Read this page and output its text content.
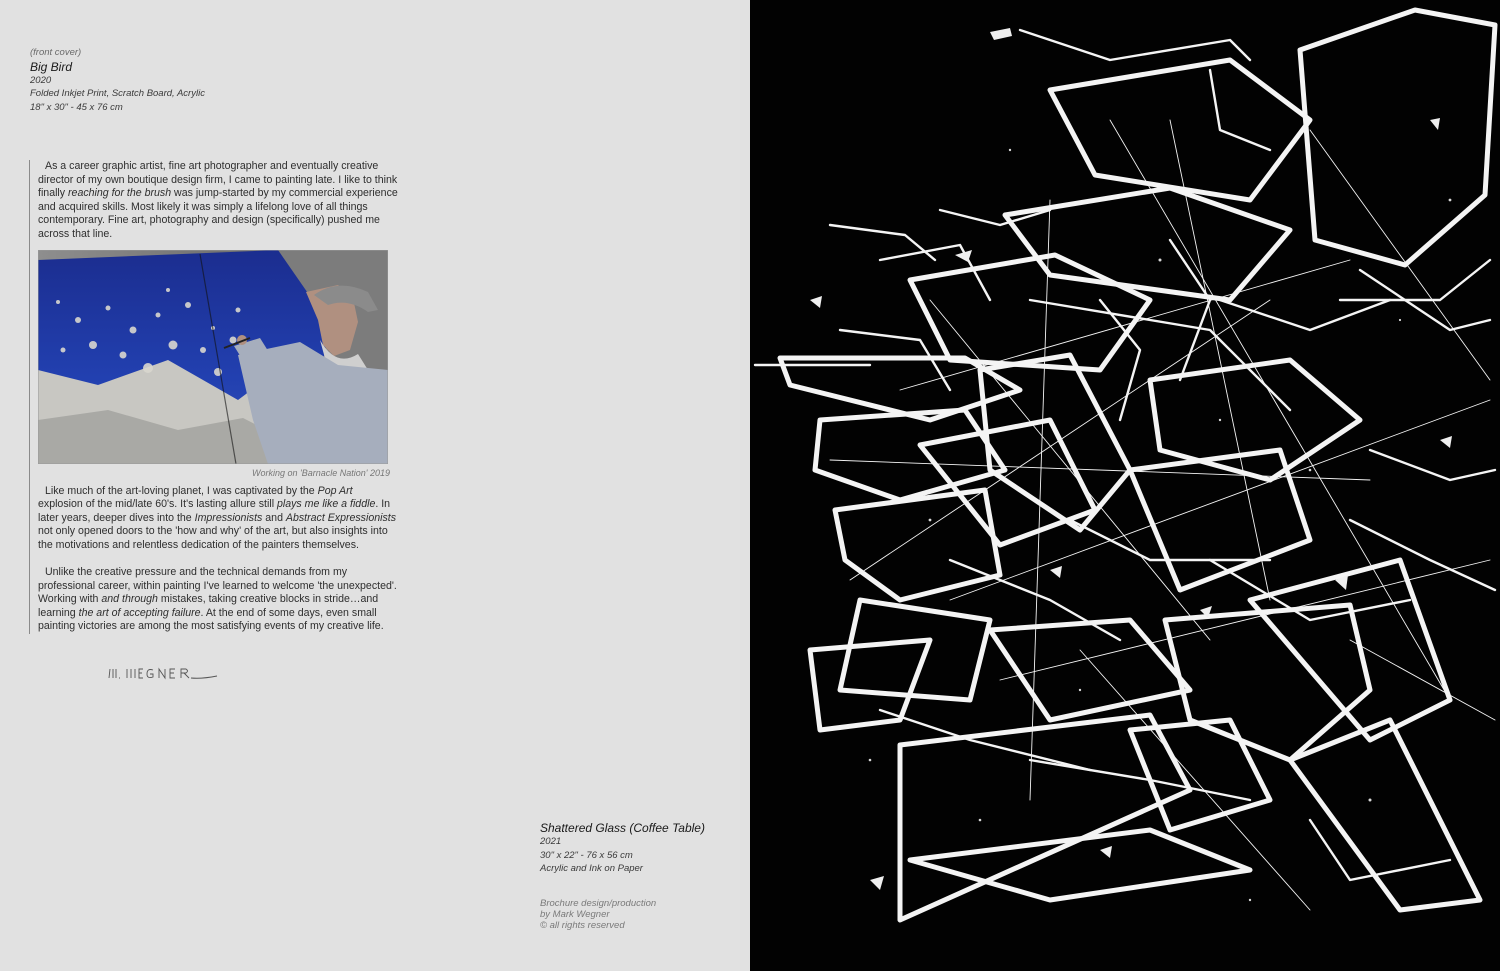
(front cover)
Big Bird
2020
Folded Inkjet Print, Scratch Board, Acrylic
18" x 30" - 45 x 76 cm

As a career graphic artist, fine art photographer and eventually creative director of my own boutique design firm, I came to painting late. I like to think finally reaching for the brush was jump-started by my commercial experience and acquired skills. Most likely it was simply a lifelong love of all things contemporary. Fine art, photography and design (specifically) pushed me across that line.

Working on 'Barnacle Nation' 2019

Like much of the art-loving planet, I was captivated by the Pop Art explosion of the mid/late 60's. It's lasting allure still plays me like a fiddle. In later years, deeper dives into the Impressionists and Abstract Expressionists not only opened doors to the 'how and why' of the art, but also insights into the motivations and relentless dedication of the painters themselves.

Unlike the creative pressure and the technical demands from my professional career, within painting I've learned to welcome 'the unexpected'. Working with and through mistakes, taking creative blocks in stride…and learning the art of accepting failure. At the end of some days, even small painting victories are among the most satisfying events of my creative life.

Shattered Glass (Coffee Table)
2021
30" x 22" - 76 x 56 cm
Acrylic and Ink on Paper
Brochure design/production
by Mark Wegner
© all rights reserved
